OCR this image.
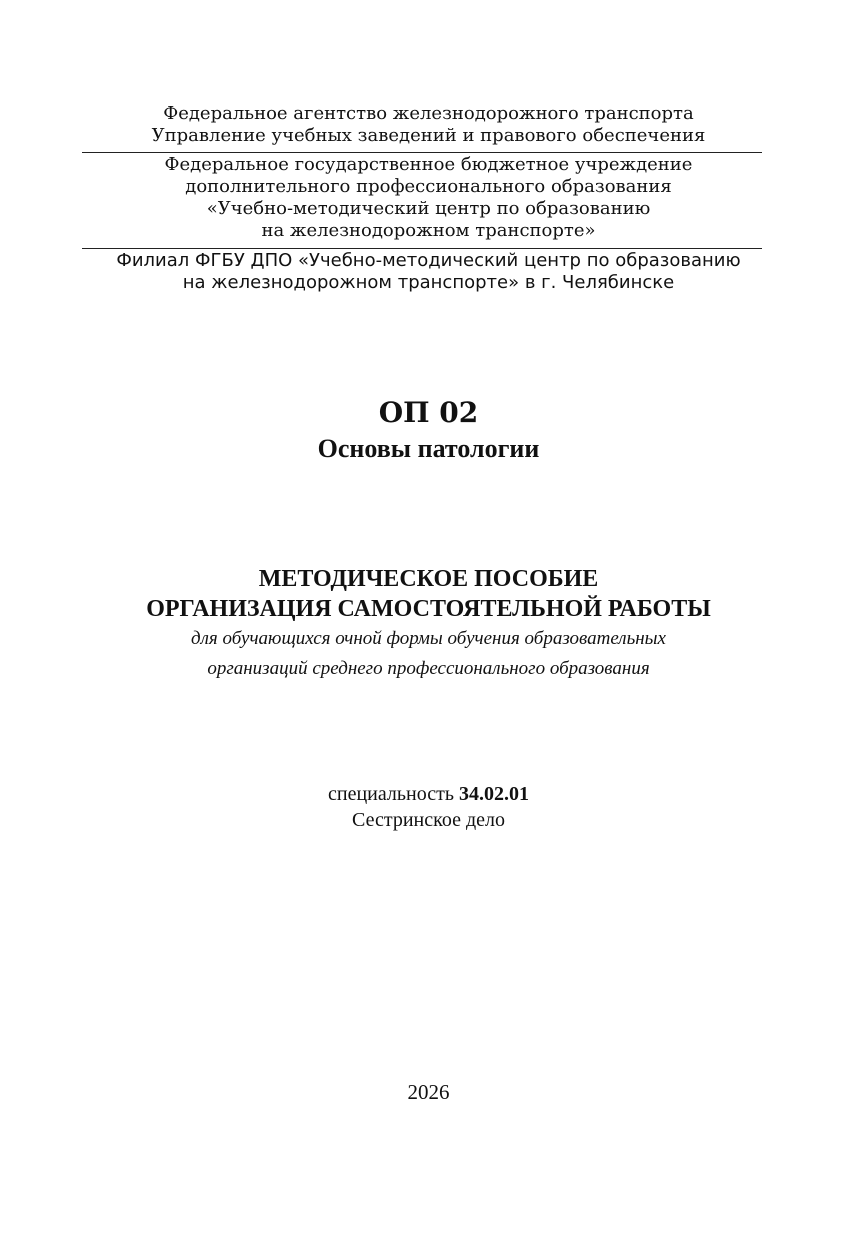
Федеральное агентство железнодорожного транспорта
Управление учебных заведений и правового обеспечения
Федеральное государственное бюджетное учреждение
дополнительного профессионального образования
«Учебно-методический центр по образованию
на железнодорожном транспорте»
Филиал ФГБУ ДПО «Учебно-методический центр по образованию
на железнодорожном транспорте» в г. Челябинске
ОП 02
Основы патологии
МЕТОДИЧЕСКОЕ ПОСОБИЕ
ОРГАНИЗАЦИЯ САМОСТОЯТЕЛЬНОЙ РАБОТЫ
для обучающихся очной формы обучения образовательных
организаций среднего профессионального образования
специальность 34.02.01
Сестринское дело
2026
